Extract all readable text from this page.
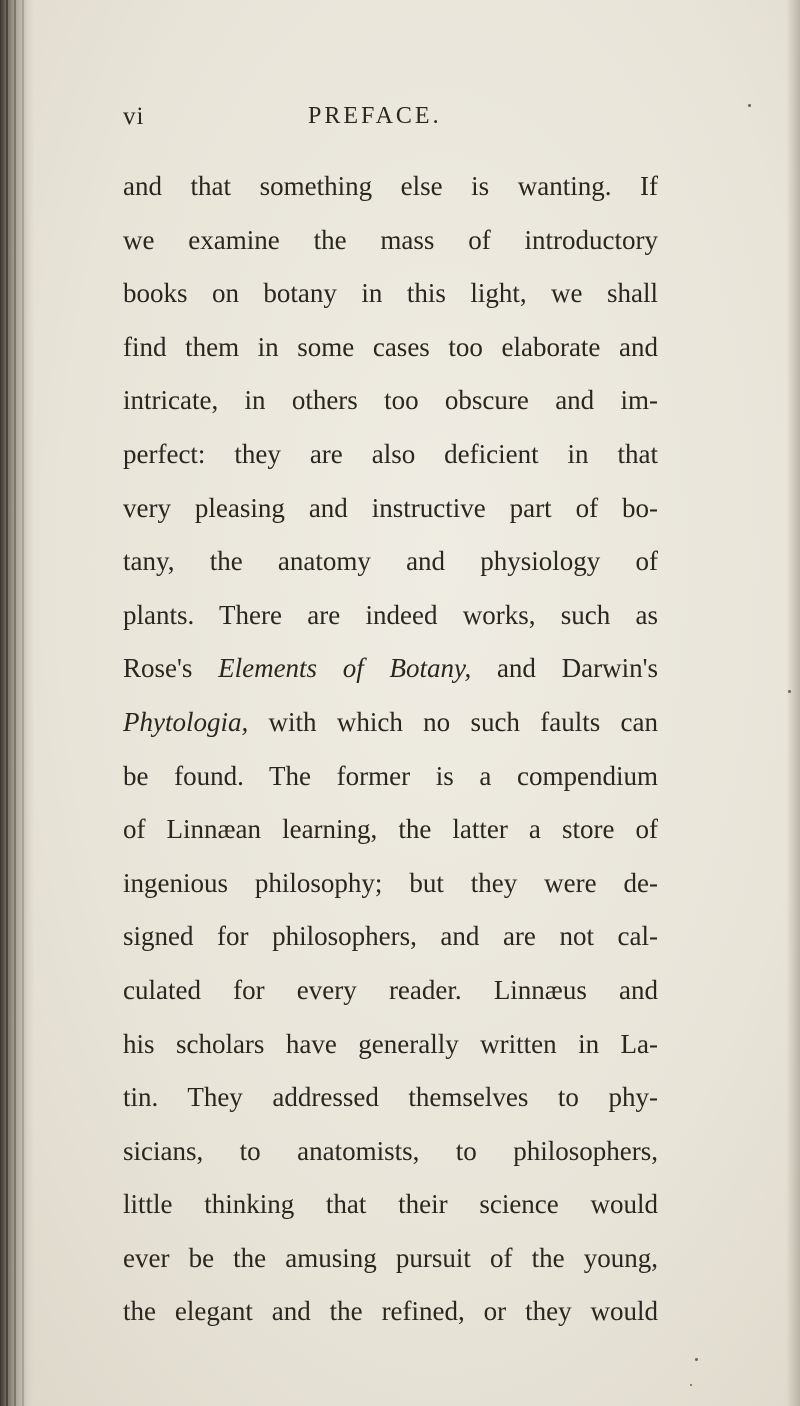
vi	PREFACE.
and that something else is wanting. If
we examine the mass of introductory
books on botany in this light, we shall
find them in some cases too elaborate and
intricate, in others too obscure and im-
perfect: they are also deficient in that
very pleasing and instructive part of bo-
tany, the anatomy and physiology of
plants. There are indeed works, such as
Rose's Elements of Botany, and Darwin's
Phytologia, with which no such faults can
be found. The former is a compendium
of Linnæan learning, the latter a store of
ingenious philosophy; but they were de-
signed for philosophers, and are not cal-
culated for every reader. Linnæus and
his scholars have generally written in La-
tin. They addressed themselves to phy-
sicians, to anatomists, to philosophers,
little thinking that their science would
ever be the amusing pursuit of the young,
the elegant and the refined, or they would
